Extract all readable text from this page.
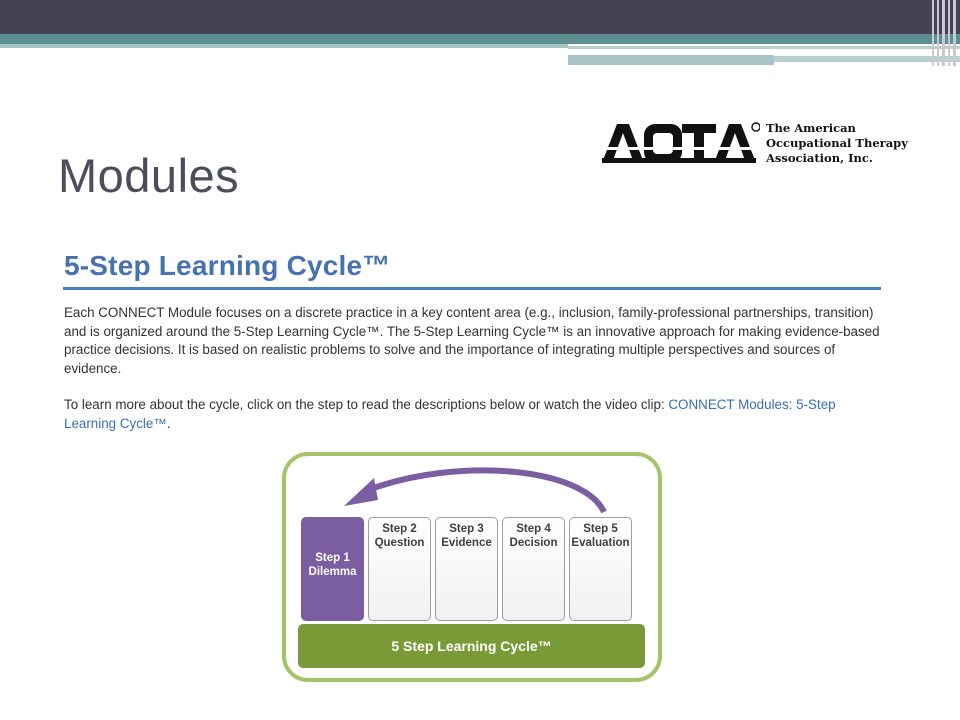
Modules
The American
Occupational Therapy
Association, Inc.
5-Step Learning Cycle™

Each CONNECT Module focuses on a discrete practice in a key content area (e.g., inclusion, family-professional partnerships, transition) and is organized around the 5-Step Learning Cycle™. The 5-Step Learning Cycle™ is an innovative approach for making evidence-based practice decisions. It is based on realistic problems to solve and the importance of integrating multiple perspectives and sources of evidence.

To learn more about the cycle, click on the step to read the descriptions below or watch the video clip: CONNECT Modules: 5-Step Learning Cycle™.

Step 1
Dilemma
Step 2
Question
Step 3
Evidence
Step 4
Decision
Step 5
Evaluation
5 Step Learning Cycle™
